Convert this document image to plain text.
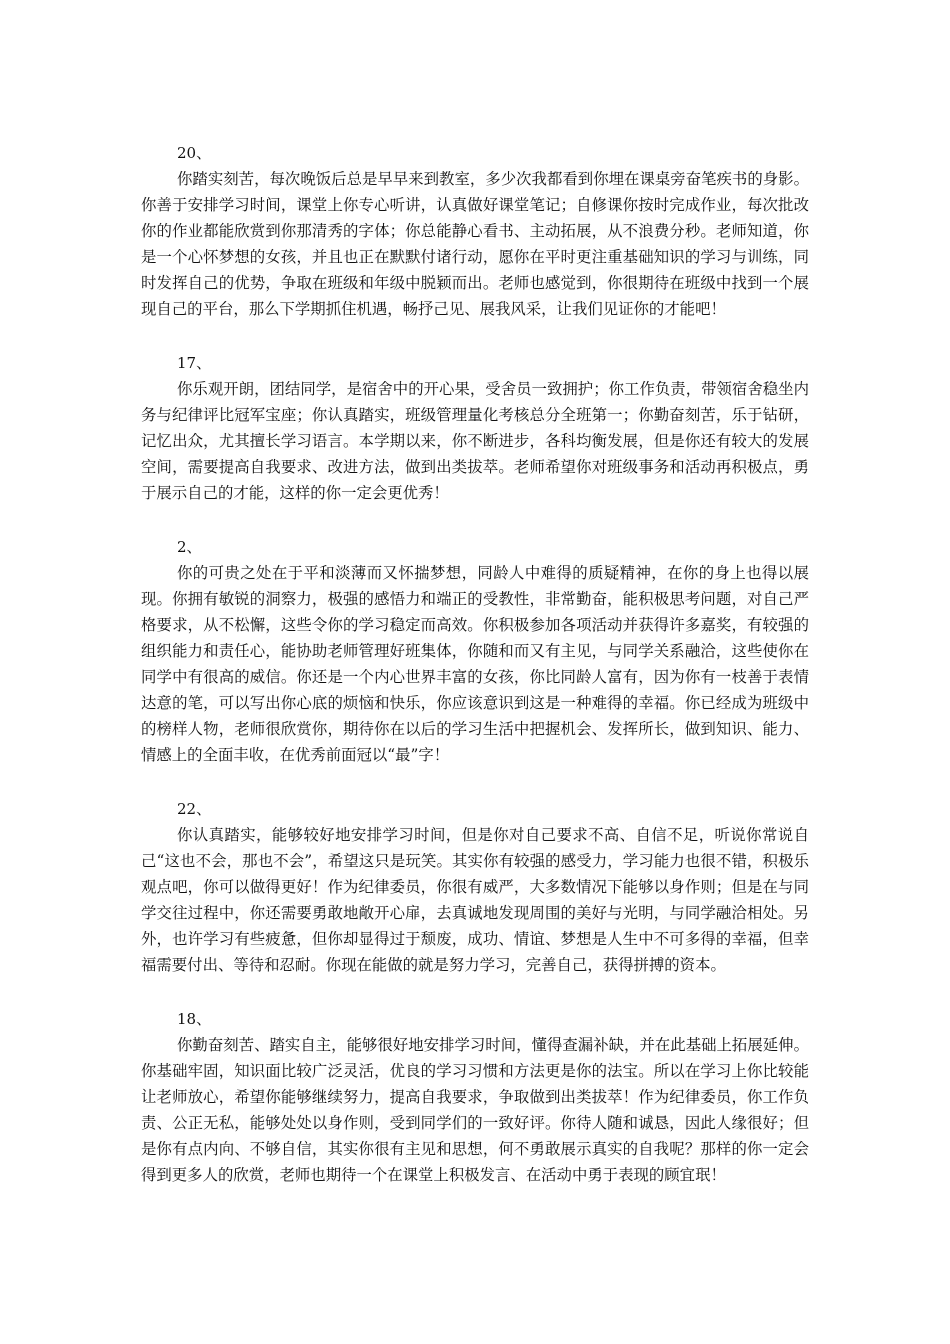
20、

你踏实刻苦，每次晚饭后总是早早来到教室，多少次我都看到你埋在课桌旁奋笔疾书的身影。你善于安排学习时间，课堂上你专心听讲，认真做好课堂笔记；自修课你按时完成作业，每次批改你的作业都能欣赏到你那清秀的字体；你总能静心看书、主动拓展，从不浪费分秒。老师知道，你是一个心怀梦想的女孩，并且也正在默默付诸行动，愿你在平时更注重基础知识的学习与训练，同时发挥自己的优势，争取在班级和年级中脱颖而出。老师也感觉到，你很期待在班级中找到一个展现自己的平台，那么下学期抓住机遇，畅抒己见、展我风采，让我们见证你的才能吧！

17、

你乐观开朗，团结同学，是宿舍中的开心果，受舍员一致拥护；你工作负责，带领宿舍稳坐内务与纪律评比冠军宝座；你认真踏实，班级管理量化考核总分全班第一；你勤奋刻苦，乐于钻研，记忆出众，尤其擅长学习语言。本学期以来，你不断进步，各科均衡发展，但是你还有较大的发展空间，需要提高自我要求、改进方法，做到出类拔萃。老师希望你对班级事务和活动再积极点，勇于展示自己的才能，这样的你一定会更优秀！

2、

你的可贵之处在于平和淡薄而又怀揣梦想，同龄人中难得的质疑精神，在你的身上也得以展现。你拥有敏锐的洞察力，极强的感悟力和端正的受教性，非常勤奋，能积极思考问题，对自己严格要求，从不松懈，这些令你的学习稳定而高效。你积极参加各项活动并获得许多嘉奖，有较强的组织能力和责任心，能协助老师管理好班集体，你随和而又有主见，与同学关系融洽，这些使你在同学中有很高的威信。你还是一个内心世界丰富的女孩，你比同龄人富有，因为你有一枝善于表情达意的笔，可以写出你心底的烦恼和快乐，你应该意识到这是一种难得的幸福。你已经成为班级中的榜样人物，老师很欣赏你，期待你在以后的学习生活中把握机会、发挥所长，做到知识、能力、情感上的全面丰收，在优秀前面冠以“最”字！

22、

你认真踏实，能够较好地安排学习时间，但是你对自己要求不高、自信不足，听说你常说自己“这也不会，那也不会”，希望这只是玩笑。其实你有较强的感受力，学习能力也很不错，积极乐观点吧，你可以做得更好！作为纪律委员，你很有威严，大多数情况下能够以身作则；但是在与同学交往过程中，你还需要勇敢地敞开心扉，去真诚地发现周围的美好与光明，与同学融洽相处。另外，也许学习有些疲惫，但你却显得过于颓废，成功、情谊、梦想是人生中不可多得的幸福，但幸福需要付出、等待和忍耐。你现在能做的就是努力学习，完善自己，获得拼搏的资本。

18、

你勤奋刻苦、踏实自主，能够很好地安排学习时间，懂得查漏补缺，并在此基础上拓展延伸。你基础牢固，知识面比较广泛灵活，优良的学习习惯和方法更是你的法宝。所以在学习上你比较能让老师放心，希望你能够继续努力，提高自我要求，争取做到出类拔萃！作为纪律委员，你工作负责、公正无私，能够处处以身作则，受到同学们的一致好评。你待人随和诚恳，因此人缘很好；但是你有点内向、不够自信，其实你很有主见和思想，何不勇敢展示真实的自我呢？那样的你一定会得到更多人的欣赏，老师也期待一个在课堂上积极发言、在活动中勇于表现的顾宜珉！
